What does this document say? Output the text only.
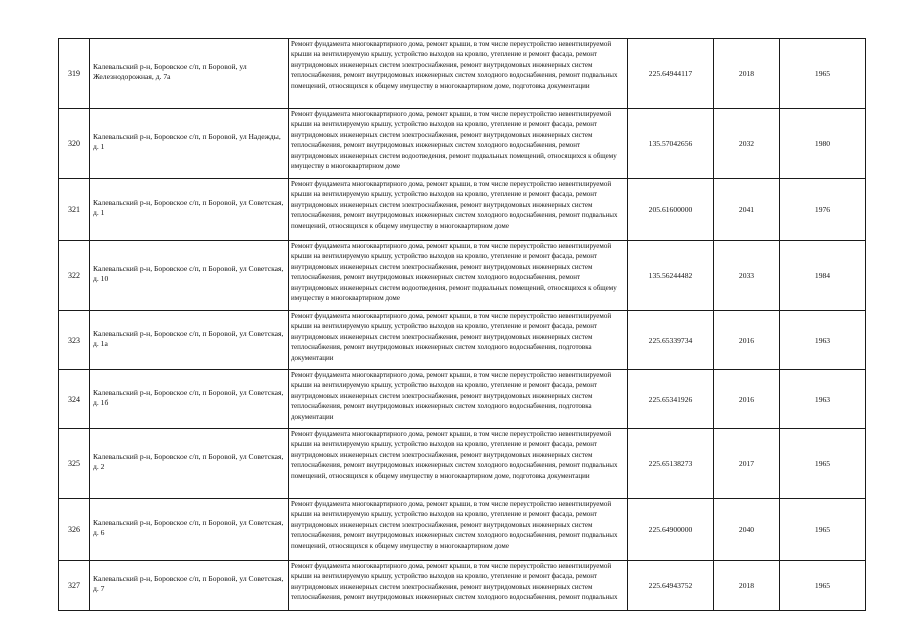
319	Калевальский р-н, Боровское с/п, п Боровой, ул Железнодорожная, д. 7а	Ремонт фундамента многоквартирного дома, ремонт крыши, в том числе переустройство невентилируемой крыши на вентилируемую крышу, устройство выходов на кровлю, утепление и ремонт фасада, ремонт внутридомовых инженерных систем электроснабжения, ремонт внутридомовых инженерных систем теплоснабжения, ремонт внутридомовых инженерных систем холодного водоснабжения, ремонт подвальных помещений, относящихся к общему имуществу в многоквартирном доме, подготовка документации	225.64944117	2018	1965
320	Калевальский р-н, Боровское с/п, п Боровой, ул Надежды, д. 1	Ремонт фундамента многоквартирного дома, ремонт крыши, в том числе переустройство невентилируемой крыши на вентилируемую крышу, устройство выходов на кровлю, утепление и ремонт фасада, ремонт внутридомовых инженерных систем электроснабжения, ремонт внутридомовых инженерных систем теплоснабжения, ремонт внутридомовых инженерных систем холодного водоснабжения, ремонт внутридомовых инженерных систем водоотведения, ремонт подвальных помещений, относящихся к общему имуществу в многоквартирном доме	135.57042656	2032	1980
321	Калевальский р-н, Боровское с/п, п Боровой, ул Советская, д. 1	Ремонт фундамента многоквартирного дома, ремонт крыши, в том числе переустройство невентилируемой крыши на вентилируемую крышу, устройство выходов на кровлю, утепление и ремонт фасада, ремонт внутридомовых инженерных систем электроснабжения, ремонт внутридомовых инженерных систем теплоснабжения, ремонт внутридомовых инженерных систем холодного водоснабжения, ремонт подвальных помещений, относящихся к общему имуществу в многоквартирном доме	205.61600000	2041	1976
322	Калевальский р-н, Боровское с/п, п Боровой, ул Советская, д. 10	Ремонт фундамента многоквартирного дома, ремонт крыши, в том числе переустройство невентилируемой крыши на вентилируемую крышу, устройство выходов на кровлю, утепление и ремонт фасада, ремонт внутридомовых инженерных систем электроснабжения, ремонт внутридомовых инженерных систем теплоснабжения, ремонт внутридомовых инженерных систем холодного водоснабжения, ремонт внутридомовых инженерных систем водоотведения, ремонт подвальных помещений, относящихся к общему имуществу в многоквартирном доме	135.56244482	2033	1984
323	Калевальский р-н, Боровское с/п, п Боровой, ул Советская, д. 1а	Ремонт фундамента многоквартирного дома, ремонт крыши, в том числе переустройство невентилируемой крыши на вентилируемую крышу, устройство выходов на кровлю, утепление и ремонт фасада, ремонт внутридомовых инженерных систем электроснабжения, ремонт внутридомовых инженерных систем теплоснабжения, ремонт внутридомовых инженерных систем холодного водоснабжения, подготовка документации	225.65339734	2016	1963
324	Калевальский р-н, Боровское с/п, п Боровой, ул Советская, д. 1б	Ремонт фундамента многоквартирного дома, ремонт крыши, в том числе переустройство невентилируемой крыши на вентилируемую крышу, устройство выходов на кровлю, утепление и ремонт фасада, ремонт внутридомовых инженерных систем электроснабжения, ремонт внутридомовых инженерных систем теплоснабжения, ремонт внутридомовых инженерных систем холодного водоснабжения, подготовка документации	225.65341926	2016	1963
325	Калевальский р-н, Боровское с/п, п Боровой, ул Советская, д. 2	Ремонт фундамента многоквартирного дома, ремонт крыши, в том числе переустройство невентилируемой крыши на вентилируемую крышу, устройство выходов на кровлю, утепление и ремонт фасада, ремонт внутридомовых инженерных систем электроснабжения, ремонт внутридомовых инженерных систем теплоснабжения, ремонт внутридомовых инженерных систем холодного водоснабжения, ремонт подвальных помещений, относящихся к общему имуществу в многоквартирном доме, подготовка документации	225.65138273	2017	1965
326	Калевальский р-н, Боровское с/п, п Боровой, ул Советская, д. 6	Ремонт фундамента многоквартирного дома, ремонт крыши, в том числе переустройство невентилируемой крыши на вентилируемую крышу, устройство выходов на кровлю, утепление и ремонт фасада, ремонт внутридомовых инженерных систем электроснабжения, ремонт внутридомовых инженерных систем теплоснабжения, ремонт внутридомовых инженерных систем холодного водоснабжения, ремонт подвальных помещений, относящихся к общему имуществу в многоквартирном доме	225.64900000	2040	1965
327	Калевальский р-н, Боровское с/п, п Боровой, ул Советская, д. 7	Ремонт фундамента многоквартирного дома, ремонт крыши, в том числе переустройство невентилируемой крыши на вентилируемую крышу, устройство выходов на кровлю, утепление и ремонт фасада, ремонт внутридомовых инженерных систем электроснабжения, ремонт внутридомовых инженерных систем теплоснабжения, ремонт внутридомовых инженерных систем холодного водоснабжения, ремонт подвальных	225.64943752	2018	1965
